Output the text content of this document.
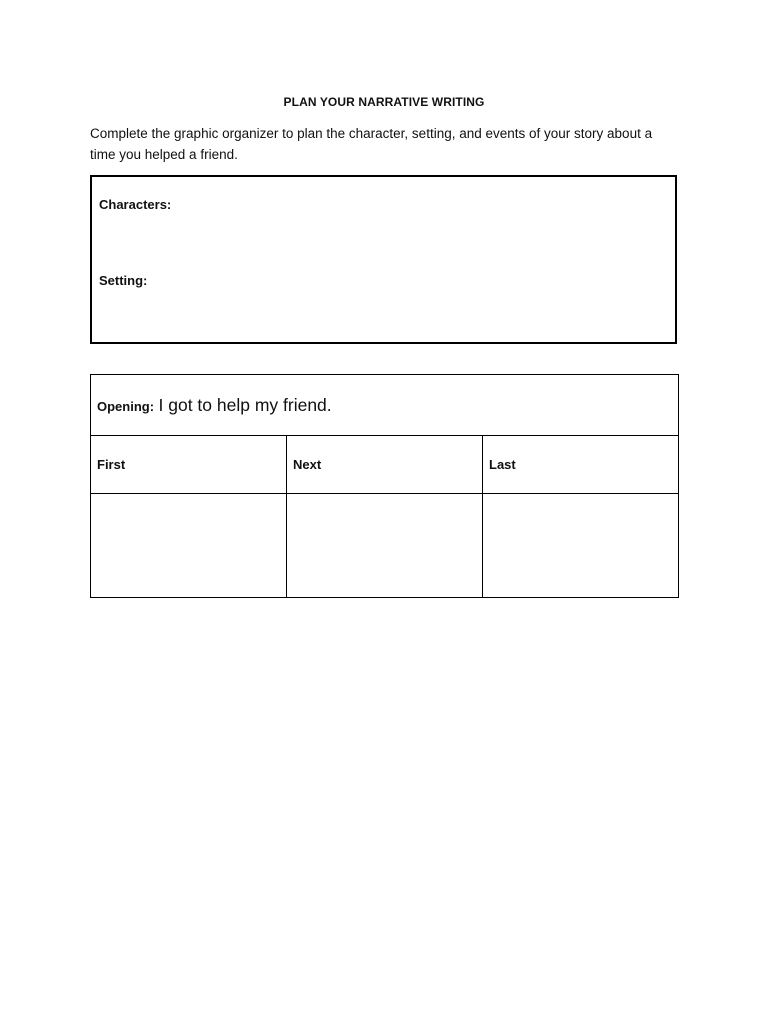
PLAN YOUR NARRATIVE WRITING
Complete the graphic organizer to plan the character, setting, and events of your story about a time you helped a friend.
Characters:
Setting:
Opening: I got to help my friend.		
First	Next	Last
